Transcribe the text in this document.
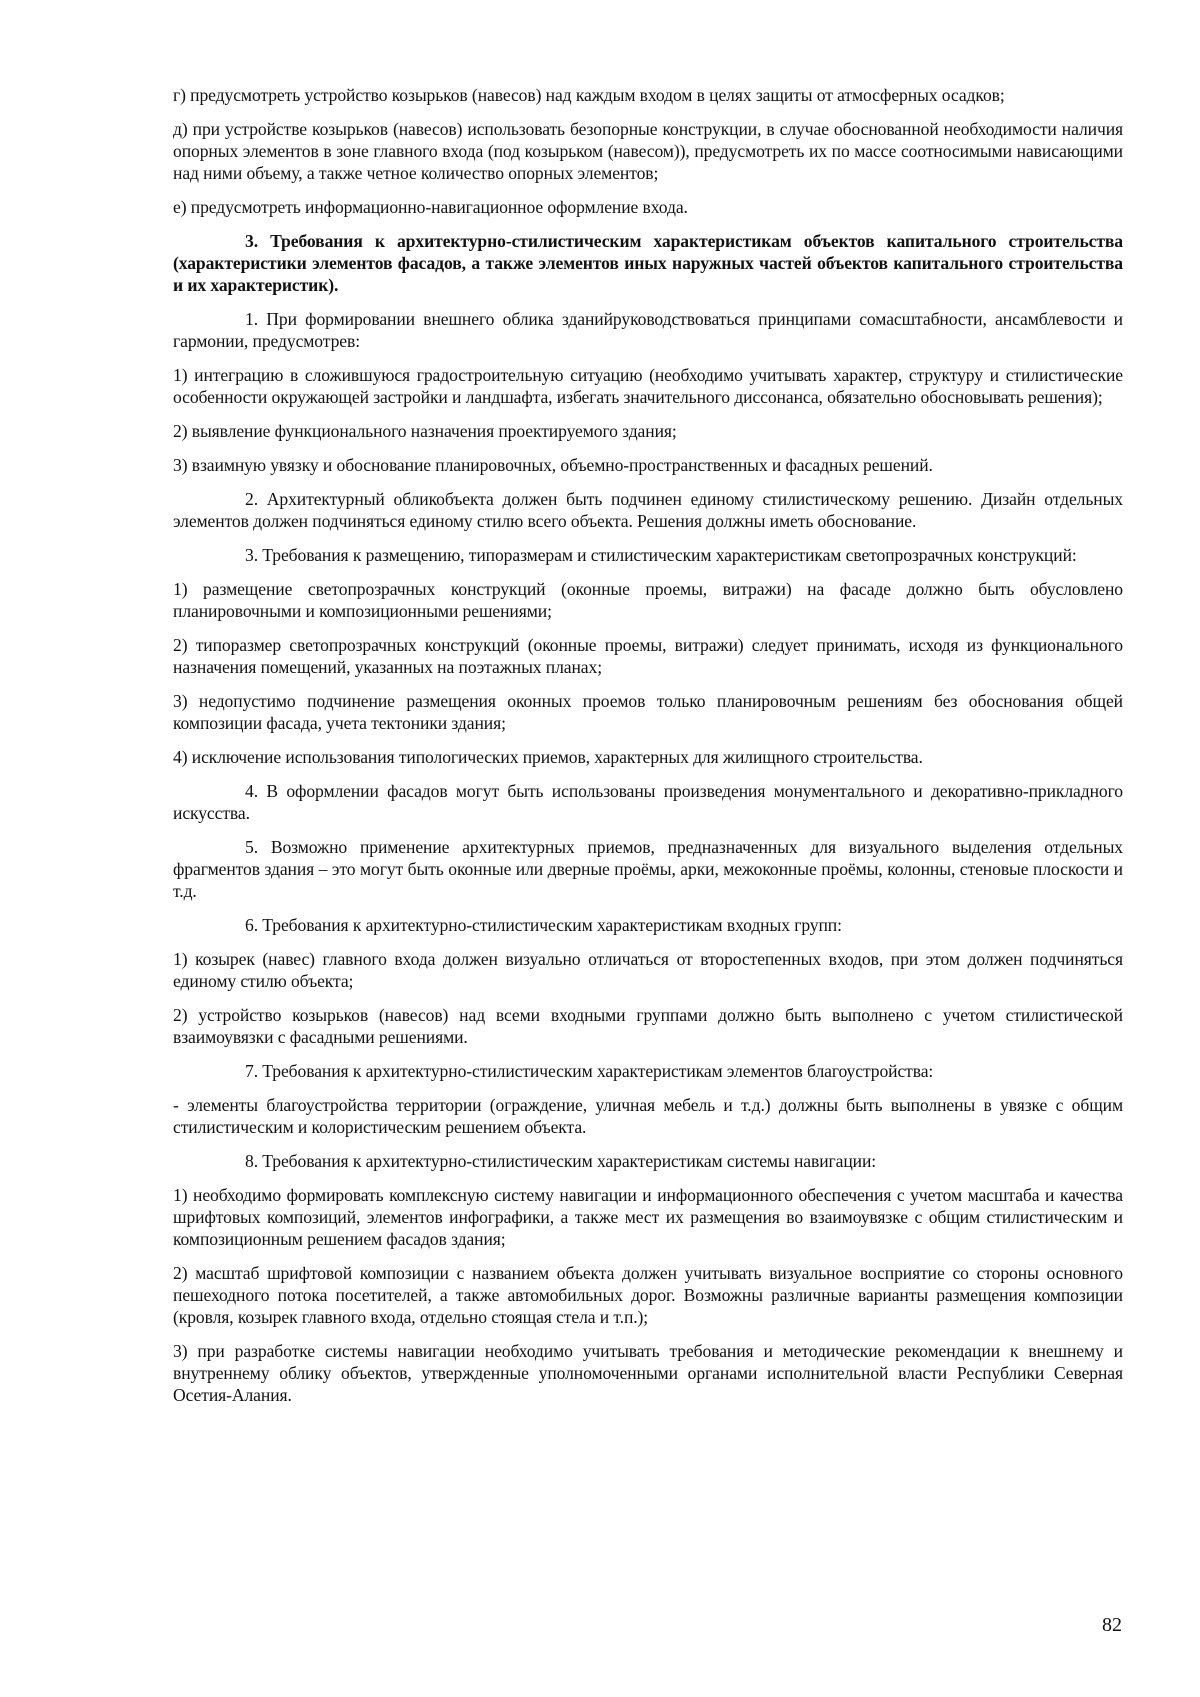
г) предусмотреть устройство козырьков (навесов) над каждым входом в целях защиты от атмосферных осадков;

д) при устройстве козырьков (навесов) использовать безопорные конструкции, в случае обоснованной необходимости наличия опорных элементов в зоне главного входа (под козырьком (навесом)), предусмотреть их по массе соотносимыми нависающими над ними объему, а также четное количество опорных элементов;

е) предусмотреть информационно-навигационное оформление входа.

3. Требования к архитектурно-стилистическим характеристикам объектов капитального строительства (характеристики элементов фасадов, а также элементов иных наружных частей объектов капитального строительства и их характеристик).

1. При формировании внешнего облика зданийруководствоваться принципами сомасштабности, ансамблевости и гармонии, предусмотрев:

1) интеграцию в сложившуюся градостроительную ситуацию (необходимо учитывать характер, структуру и стилистические особенности окружающей застройки и ландшафта, избегать значительного диссонанса, обязательно обосновывать решения);

2) выявление функционального назначения проектируемого здания;

3) взаимную увязку и обоснование планировочных, объемно-пространственных и фасадных решений.

2. Архитектурный обликобъекта должен быть подчинен единому стилистическому решению. Дизайн отдельных элементов должен подчиняться единому стилю всего объекта. Решения должны иметь обоснование.

3. Требования к размещению, типоразмерам и стилистическим характеристикам светопрозрачных конструкций:

1) размещение светопрозрачных конструкций (оконные проемы, витражи) на фасаде должно быть обусловлено планировочными и композиционными решениями;

2) типоразмер светопрозрачных конструкций (оконные проемы, витражи) следует принимать, исходя из функционального назначения помещений, указанных на поэтажных планах;

3) недопустимо подчинение размещения оконных проемов только планировочным решениям без обоснования общей композиции фасада, учета тектоники здания;

4) исключение использования типологических приемов, характерных для жилищного строительства.

4. В оформлении фасадов могут быть использованы произведения монументального и декоративно-прикладного искусства.

5. Возможно применение архитектурных приемов, предназначенных для визуального выделения отдельных фрагментов здания – это могут быть оконные или дверные проёмы, арки, межоконные проёмы, колонны, стеновые плоскости и т.д.

6. Требования к архитектурно-стилистическим характеристикам входных групп:

1) козырек (навес) главного входа должен визуально отличаться от второстепенных входов, при этом должен подчиняться единому стилю объекта;

2) устройство козырьков (навесов) над всеми входными группами должно быть выполнено с учетом стилистической взаимоувязки с фасадными решениями.

7. Требования к архитектурно-стилистическим характеристикам элементов благоустройства:

- элементы благоустройства территории (ограждение, уличная мебель и т.д.) должны быть выполнены в увязке с общим стилистическим и колористическим решением объекта.

8. Требования к архитектурно-стилистическим характеристикам системы навигации:

1) необходимо формировать комплексную систему навигации и информационного обеспечения с учетом масштаба и качества шрифтовых композиций, элементов инфографики, а также мест их размещения во взаимоувязке с общим стилистическим и композиционным решением фасадов здания;

2) масштаб шрифтовой композиции с названием объекта должен учитывать визуальное восприятие со стороны основного пешеходного потока посетителей, а также автомобильных дорог. Возможны различные варианты размещения композиции (кровля, козырек главного входа, отдельно стоящая стела и т.п.);

3) при разработке системы навигации необходимо учитывать требования и методические рекомендации к внешнему и внутреннему облику объектов, утвержденные уполномоченными органами исполнительной власти Республики Северная Осетия-Алания.

82
